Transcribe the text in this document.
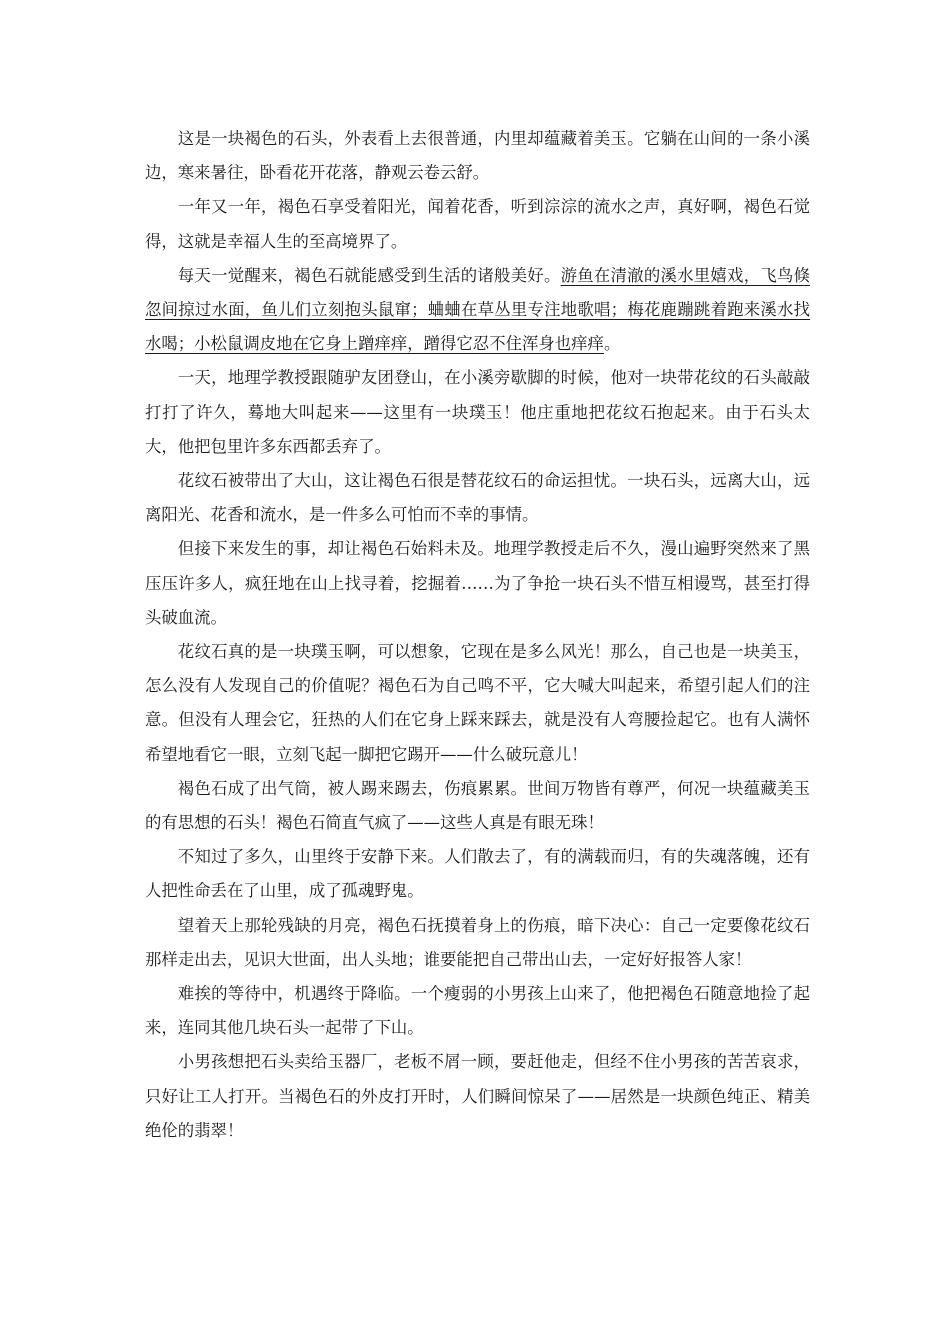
这是一块褐色的石头，外表看上去很普通，内里却蕴藏着美玉。它躺在山间的一条小溪边，寒来暑往，卧看花开花落，静观云卷云舒。

一年又一年，褐色石享受着阳光，闻着花香，听到淙淙的流水之声，真好啊，褐色石觉得，这就是幸福人生的至高境界了。

每天一觉醒来，褐色石就能感受到生活的诸般美好。游鱼在清澈的溪水里嬉戏，飞鸟倏忽间掠过水面，鱼儿们立刻抱头鼠窜；蛐蛐在草丛里专注地歌唱；梅花鹿蹦跳着跑来溪水找水喝；小松鼠调皮地在它身上蹭痒痒，蹭得它忍不住浑身也痒痒。

一天，地理学教授跟随驴友团登山，在小溪旁歇脚的时候，他对一块带花纹的石头敲敲打打了许久，蓦地大叫起来——这里有一块璞玉！他庄重地把花纹石抱起来。由于石头太大，他把包里许多东西都丢弃了。

花纹石被带出了大山，这让褐色石很是替花纹石的命运担忧。一块石头，远离大山，远离阳光、花香和流水，是一件多么可怕而不幸的事情。

但接下来发生的事，却让褐色石始料未及。地理学教授走后不久，漫山遍野突然来了黑压压许多人，疯狂地在山上找寻着，挖掘着……为了争抢一块石头不惜互相谩骂，甚至打得头破血流。

花纹石真的是一块璞玉啊，可以想象，它现在是多么风光！那么，自己也是一块美玉，怎么没有人发现自己的价值呢？褐色石为自己鸣不平，它大喊大叫起来，希望引起人们的注意。但没有人理会它，狂热的人们在它身上踩来踩去，就是没有人弯腰捡起它。也有人满怀希望地看它一眼，立刻飞起一脚把它踢开——什么破玩意儿！

褐色石成了出气筒，被人踢来踢去，伤痕累累。世间万物皆有尊严，何况一块蕴藏美玉的有思想的石头！褐色石简直气疯了——这些人真是有眼无珠！

不知过了多久，山里终于安静下来。人们散去了，有的满载而归，有的失魂落魄，还有人把性命丢在了山里，成了孤魂野鬼。

望着天上那轮残缺的月亮，褐色石抚摸着身上的伤痕，暗下决心：自己一定要像花纹石那样走出去，见识大世面，出人头地；谁要能把自己带出山去，一定好好报答人家！

难挨的等待中，机遇终于降临。一个瘦弱的小男孩上山来了，他把褐色石随意地捡了起来，连同其他几块石头一起带了下山。

小男孩想把石头卖给玉器厂，老板不屑一顾，要赶他走，但经不住小男孩的苦苦哀求，只好让工人打开。当褐色石的外皮打开时，人们瞬间惊呆了——居然是一块颜色纯正、精美绝伦的翡翠！
